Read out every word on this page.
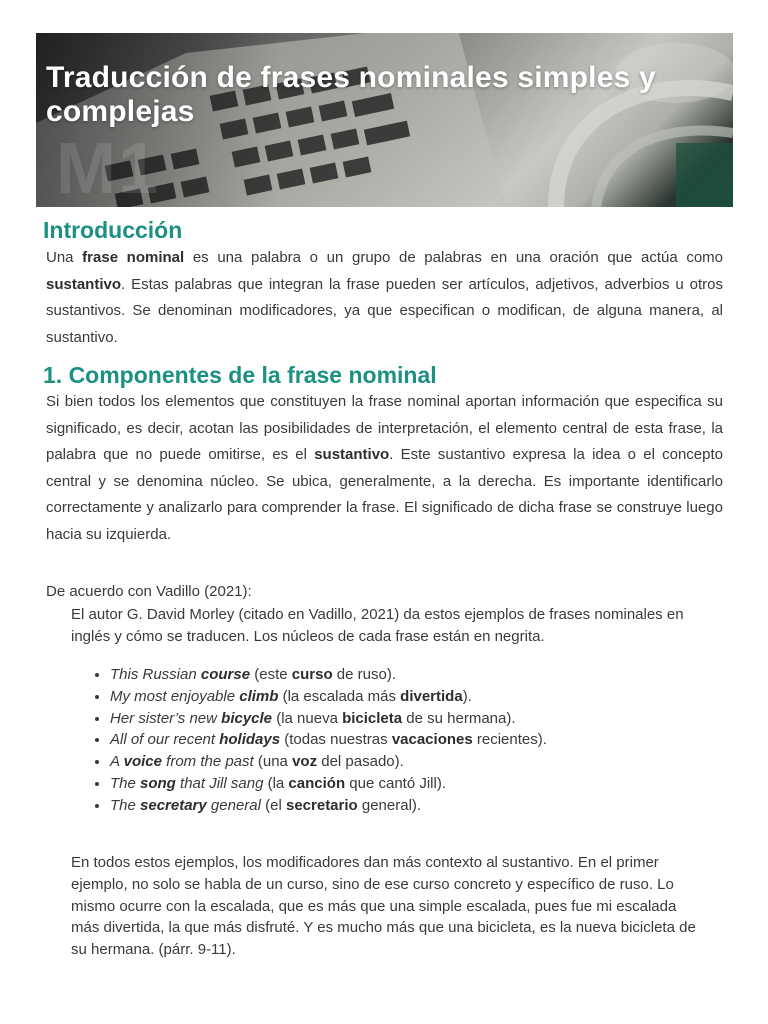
M1
Traducción de frases nominales simples y complejas
Introducción

Una frase nominal es una palabra o un grupo de palabras en una oración que actúa como sustantivo. Estas palabras que integran la frase pueden ser artículos, adjetivos, adverbios u otros sustantivos. Se denominan modificadores, ya que especifican o modifican, de alguna manera, al sustantivo.

1. Componentes de la frase nominal

Si bien todos los elementos que constituyen la frase nominal aportan información que especifica su significado, es decir, acotan las posibilidades de interpretación, el elemento central de esta frase, la palabra que no puede omitirse, es el sustantivo. Este sustantivo expresa la idea o el concepto central y se denomina núcleo. Se ubica, generalmente, a la derecha. Es importante identificarlo correctamente y analizarlo para comprender la frase. El significado de dicha frase se construye luego hacia su izquierda.

De acuerdo con Vadillo (2021):

El autor G. David Morley (citado en Vadillo, 2021) da estos ejemplos de frases nominales en inglés y cómo se traducen. Los núcleos de cada frase están en negrita.

• This Russian course (este curso de ruso).
• My most enjoyable climb (la escalada más divertida).
• Her sister’s new bicycle (la nueva bicicleta de su hermana).
• All of our recent holidays (todas nuestras vacaciones recientes).
• A voice from the past (una voz del pasado).
• The song that Jill sang (la canción que cantó Jill).
• The secretary general (el secretario general).

En todos estos ejemplos, los modificadores dan más contexto al sustantivo. En el primer ejemplo, no solo se habla de un curso, sino de ese curso concreto y específico de ruso. Lo mismo ocurre con la escalada, que es más que una simple escalada, pues fue mi escalada más divertida, la que más disfruté. Y es mucho más que una bicicleta, es la nueva bicicleta de su hermana. (párr. 9-11).
